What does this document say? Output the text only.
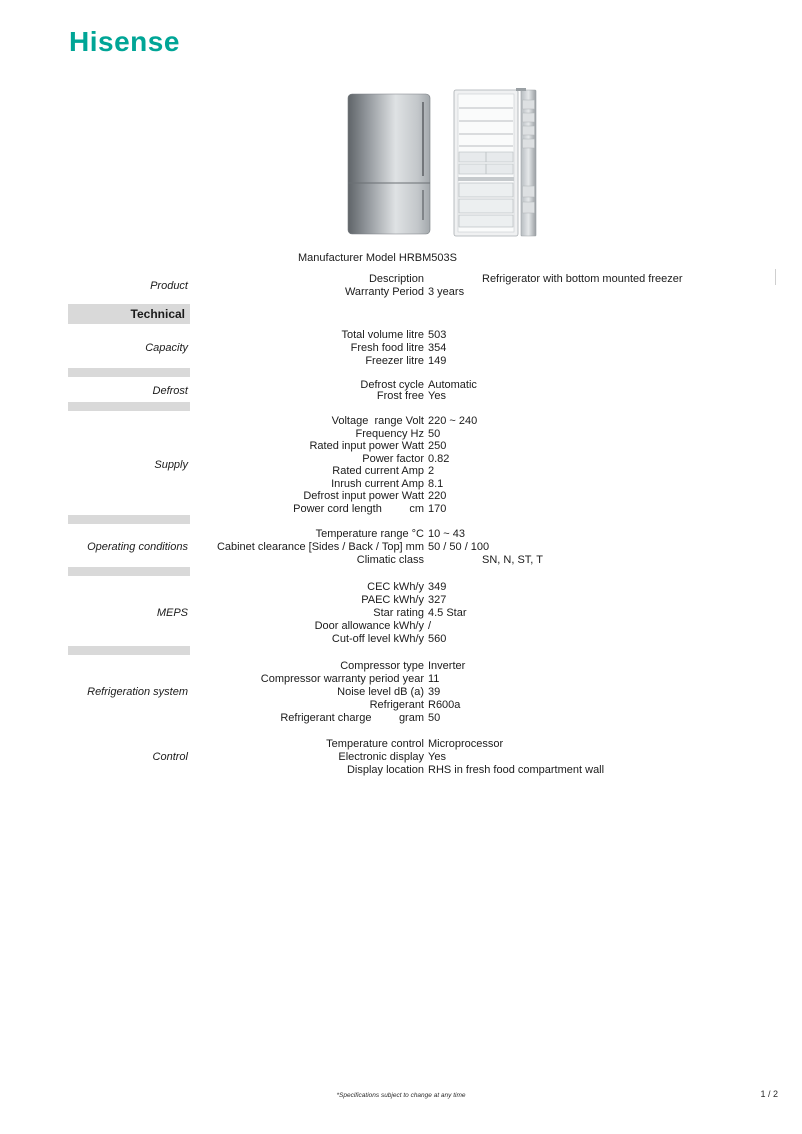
Hisense
Manufacturer Model HRBM503S
Product
Description	Refrigerator with bottom mounted freezer
Warranty Period 3 years
Technical
Capacity
Total volume litre 503
Fresh food litre 354
Freezer litre 149
Defrost	Defrost cycle Automatic
Frost free Yes
Supply
Voltage  range Volt 220 ~ 240
Frequency Hz 50
Rated input power Watt 250
Power factor 0.82
Rated current Amp 2
Inrush current Amp 8.1
Defrost input power Watt 220
Power cord length         cm 170
Operating conditions
Temperature range °C 10 ~ 43
Cabinet clearance [Sides / Back / Top] mm 50 / 50 / 100
Climatic class	SN, N, ST, T
MEPS
CEC kWh/y 349
PAEC kWh/y 327
Star rating 4.5 Star
Door allowance kWh/y /
Cut-off level kWh/y 560
Refrigeration system
Compressor type Inverter
Compressor warranty period year 11
Noise level dB (a) 39
Refrigerant R600a
Refrigerant charge         gram 50
Control
Temperature control Microprocessor
Electronic display Yes
Display location RHS in fresh food compartment wall
*Specifications subject to change at any time	1 / 2
